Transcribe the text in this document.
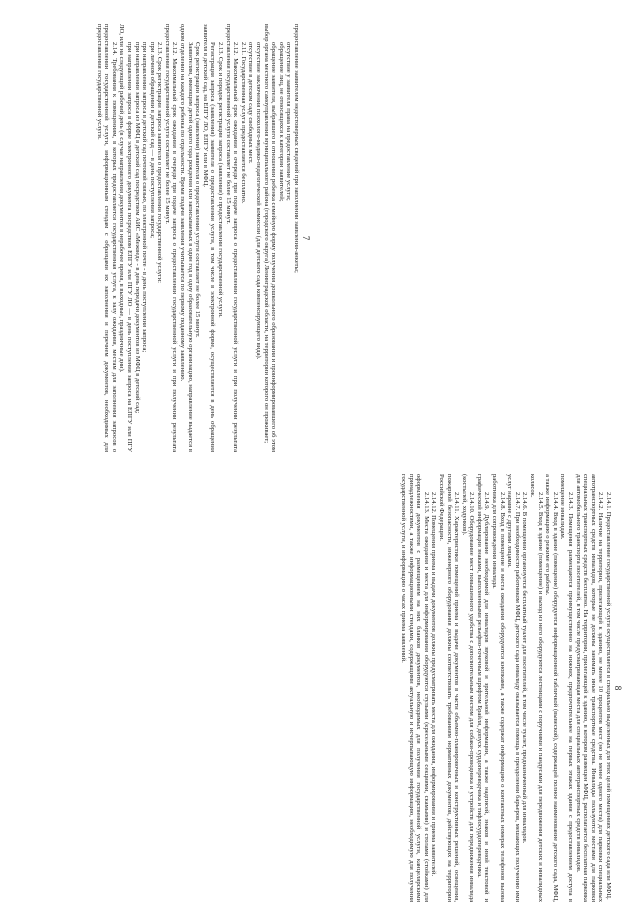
7

предоставление заявителем недостоверных сведений при заполнении заявления-анкеты;

отсутствие у заявителя права на предоставление услуги;

обращение лиц, не относящихся к категории заявителей;

обращение заявителя, выбравшего в отношении ребенка семейную форму получения дошкольного образования и проинформировавшего об этом выбор органа местного самоуправления муниципального района (городского округа) Ленинградской области, на территории которого он проживает;

отсутствие заключения психолого-медико-педагогической комиссии (для детского сада компенсирующего вида).

отсутствие в детском саду свободных мест.

2.11. Государственная услуга предоставляется бесплатно.

2.12. Максимальный срок ожидания в очереди при подаче запроса о предоставлении государственной услуги и при получении результата предоставления государственной услуги составляет не более 15 минут.

2.13. Срок и порядок регистрации запроса (заявления) о предоставлении государственной услуги.

Регистрация запроса (заявления) заявителя о предоставлении услуги, в том числе в электронной форме, осуществляется в день обращения заявителя в детский сад, на ЕПГУ ЛО, ЕПГУ или в МФЦ.

Срок регистрации запроса (заявления) заявителя о предоставлении услуги составляет не более 15 минут.

Заявителям, имеющим детей одного года рождения или записываемых в один год в одну образовательную организацию, направление выдается в одном отделении на каждого ребенка по отдельности. Время подачи заявления учитывается по первому поданному заявлению.

2.12. Максимальный срок ожидания в очереди при подаче запроса о предоставлении государственной услуги и при получении результата предоставления государственной услуги составляет не более 15 минут.

2.13. Срок регистрации запроса заявителя о предоставлении государственной услуги:

при личном обращении в детский сад — в день поступления запроса;

при направлении запроса в детский сад почтовой связью, по электронной почте - в день поступления запроса;

при направлении запроса из МФЦ в детский сад посредством АИС «Межвед» - в день передачи документов из МФЦ в детский сад;

при направлении запроса в форме электронного документа посредством ЕПГУ или ПГУ ЛО — в день поступления запроса на ЕПГУ или ПГУ ЛО, или на следующий рабочий день (в случае направления документов в нерабочее время, в выходные, праздничные дни).

2.14. Требования к помещениям, в которых предоставляется государственная услуга, к залу ожидания, местам для заполнения запросов о предоставлении государственной услуги, информационным стендам с образцами их заполнения и перечнем документов, необходимых для предоставления государственной услуги.

8

2.14.1. Предоставление государственной услуги осуществляется в специально выделенных для этих целей помещениях детского сада или МФЦ.

2.14.2. Наличие на территории, прилегающей к зданию, не менее 10 процентов мест (но не менее одного места) для парковки специальных автотранспортных средств инвалидов, которые не должны занимать иные транспортные средства. Инвалиды пользуются местами для парковки специальных транспортных средств бесплатно. На территории, прилегающей к зданию, в котором размещен МФЦ, располагается бесплатная парковка для автомобильного транспорта посетителей, в том числе предусматривающая места для специальных автотранспортных средств инвалидов.

2.14.3. Помещения размещаются преимущественно на нижних, предпочтительнее на первых этажах здания с предоставлением доступа в помещение инвалидам.

2.14.4. Вход в здание (помещение) оборудуется информационной табличкой (вывеской), содержащей полное наименование детского сада, МФЦ, а также информацию о режиме его работы.

2.14.5. Вход в здание (помещение) и выход из него оборудуются лестницами с поручнями и пандусами для передвижения детских и инвалидных колясок.

2.14.6. В помещении организуется бесплатный туалет для посетителей, в том числе туалет, предназначенный для инвалидов.

2.14.7. При необходимости работником МФЦ, детского сада инвалиду оказывается помощь в преодолении барьеров, мешающих получению ими услуг наравне с другими лицами.

2.14.8. Вход в помещение и места ожидания оборудуются кнопками, а также содержат информацию о контактных номерах телефонов вызова работника для сопровождения инвалида.

2.14.9. Дублирование необходимой для инвалидов звуковой и зрительной информации, а также надписей, знаков и иной текстовой и графической информации знаками, выполненными рельефно-точечным шрифтом Брайля, допуск сурдопереводчика и тифлосурдопереводчика.

2.14.10. Оборудование мест повышенного удобства с дополнительным местом для собаки-проводника и устройств для передвижения инвалида (костылей, ходунков).

2.14.11. Характеристики помещений приема и выдачи документов в части объемно-планировочных и конструктивных решений, освещения, пожарной безопасности, инженерного оборудования должны соответствовать требованиям нормативных документов, действующих на территории Российской Федерации.

2.14.12. Помещения приема и выдачи документов должны предусматривать места для ожидания, информирования и приема заявителей.

2.14.13. Места ожидания и места для информирования оборудуются стульями (кресельными секциями, скамьями) и столами (стойками) для оформления документов с размещением на них бланков документов, необходимых для получения государственной услуги, канцелярскими принадлежностями, а также информационными стендами, содержащими актуальную и исчерпывающую информацию, необходимую для получения государственной услуги, и информацию о часах приема заявлений.
